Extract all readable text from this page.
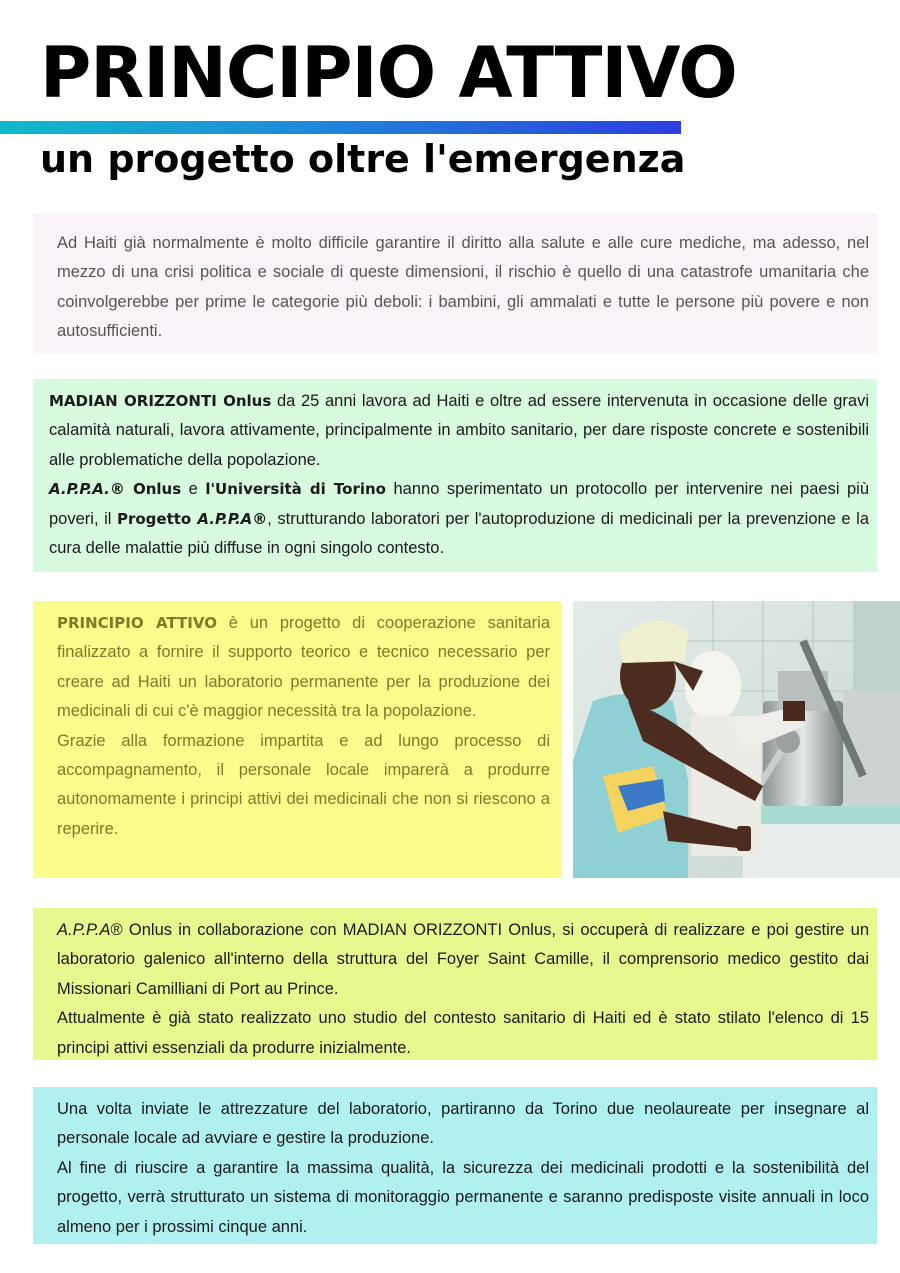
PRINCIPIO ATTIVO
un progetto oltre l'emergenza

Ad Haiti già normalmente è molto difficile garantire il diritto alla salute e alle cure mediche, ma adesso, nel mezzo di una crisi politica e sociale di queste dimensioni, il rischio è quello di una catastrofe umanitaria che coinvolgerebbe per prime le categorie più deboli: i bambini, gli ammalati e tutte le persone più povere e non autosufficienti.

MADIAN ORIZZONTI Onlus da 25 anni lavora ad Haiti e oltre ad essere intervenuta in occasione delle gravi calamità naturali, lavora attivamente, principalmente in ambito sanitario, per dare risposte concrete e sostenibili alle problematiche della popolazione.

A.P.P.A.® Onlus e l'Università di Torino hanno sperimentato un protocollo per intervenire nei paesi più poveri, il Progetto A.P.P.A®, strutturando laboratori per l'autoproduzione di medicinali per la prevenzione e la cura delle malattie più diffuse in ogni singolo contesto.

PRINCIPIO ATTIVO è un progetto di cooperazione sanitaria finalizzato a fornire il supporto teorico e tecnico necessario per creare ad Haiti un laboratorio permanente per la produzione dei medicinali di cui c'è maggior necessità tra la popolazione.

Grazie alla formazione impartita e ad lungo processo di accompagnamento, il personale locale imparerà a produrre autonomamente i principi attivi dei medicinali che non si riescono a reperire.

A.P.P.A® Onlus in collaborazione con MADIAN ORIZZONTI Onlus, si occuperà di realizzare e poi gestire un laboratorio galenico all'interno della struttura del Foyer Saint Camille, il comprensorio medico gestito dai Missionari Camilliani di Port au Prince.

Attualmente è già stato realizzato uno studio del contesto sanitario di Haiti ed è stato stilato l'elenco di 15 principi attivi essenziali da produrre inizialmente.

Una volta inviate le attrezzature del laboratorio, partiranno da Torino due neolaureate per insegnare al personale locale ad avviare e gestire la produzione.

Al fine di riuscire a garantire la massima qualità, la sicurezza dei medicinali prodotti e la sostenibilità del progetto, verrà strutturato un sistema di monitoraggio permanente e saranno predisposte visite annuali in loco almeno per i prossimi cinque anni.
